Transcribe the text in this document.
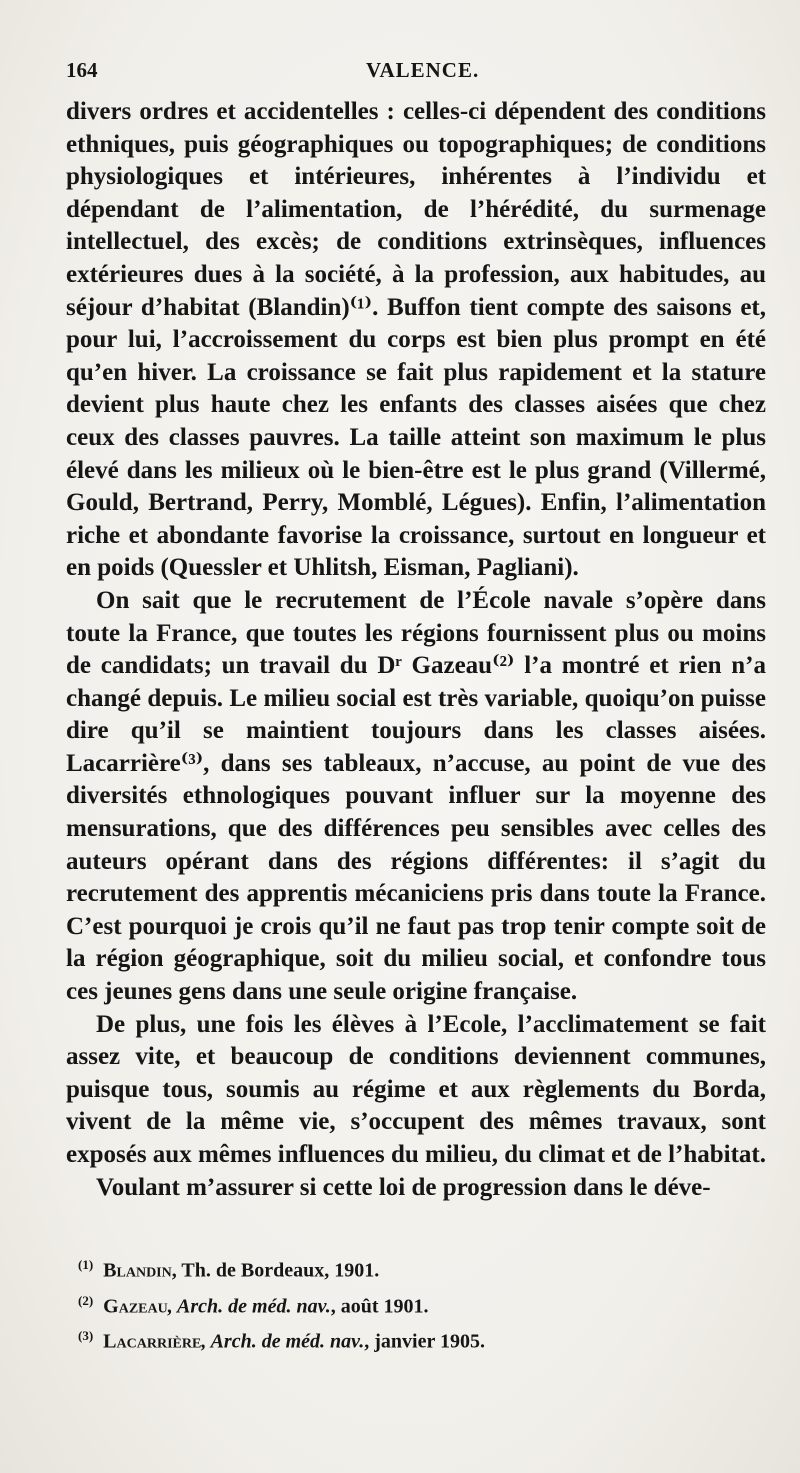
164	VALENCE.

divers ordres et accidentelles : celles-ci dépendent des conditions ethniques, puis géographiques ou topographiques; de conditions physiologiques et intérieures, inhérentes à l’individu et dépendant de l’alimentation, de l’hérédité, du surmenage intellectuel, des excès; de conditions extrinsèques, influences extérieures dues à la société, à la profession, aux habitudes, au séjour d’habitat (Blandin)⁽¹⁾. Buffon tient compte des saisons et, pour lui, l’accroissement du corps est bien plus prompt en été qu’en hiver. La croissance se fait plus rapidement et la stature devient plus haute chez les enfants des classes aisées que chez ceux des classes pauvres. La taille atteint son maximum le plus élevé dans les milieux où le bien-être est le plus grand (Villermé, Gould, Bertrand, Perry, Momblé, Légues). Enfin, l’alimentation riche et abondante favorise la croissance, surtout en longueur et en poids (Quessler et Uhlitsh, Eisman, Pagliani).

On sait que le recrutement de l’École navale s’opère dans toute la France, que toutes les régions fournissent plus ou moins de candidats; un travail du Dʳ Gazeau⁽²⁾ l’a montré et rien n’a changé depuis. Le milieu social est très variable, quoiqu’on puisse dire qu’il se maintient toujours dans les classes aisées. Lacarrière⁽³⁾, dans ses tableaux, n’accuse, au point de vue des diversités ethnologiques pouvant influer sur la moyenne des mensurations, que des différences peu sensibles avec celles des auteurs opérant dans des régions différentes: il s’agit du recrutement des apprentis mécaniciens pris dans toute la France. C’est pourquoi je crois qu’il ne faut pas trop tenir compte soit de la région géographique, soit du milieu social, et confondre tous ces jeunes gens dans une seule origine française.

De plus, une fois les élèves à l’Ecole, l’acclimatement se fait assez vite, et beaucoup de conditions deviennent communes, puisque tous, soumis au régime et aux règlements du Borda, vivent de la même vie, s’occupent des mêmes travaux, sont exposés aux mêmes influences du milieu, du climat et de l’habitat.

Voulant m’assurer si cette loi de progression dans le déve-

$^{(1)}$ Blandin, Th. de Bordeaux, 1901.
$^{(2)}$ Gazeau, Arch. de méd. nav., août 1901.
$^{(3)}$ Lacarrière, Arch. de méd. nav., janvier 1905.
